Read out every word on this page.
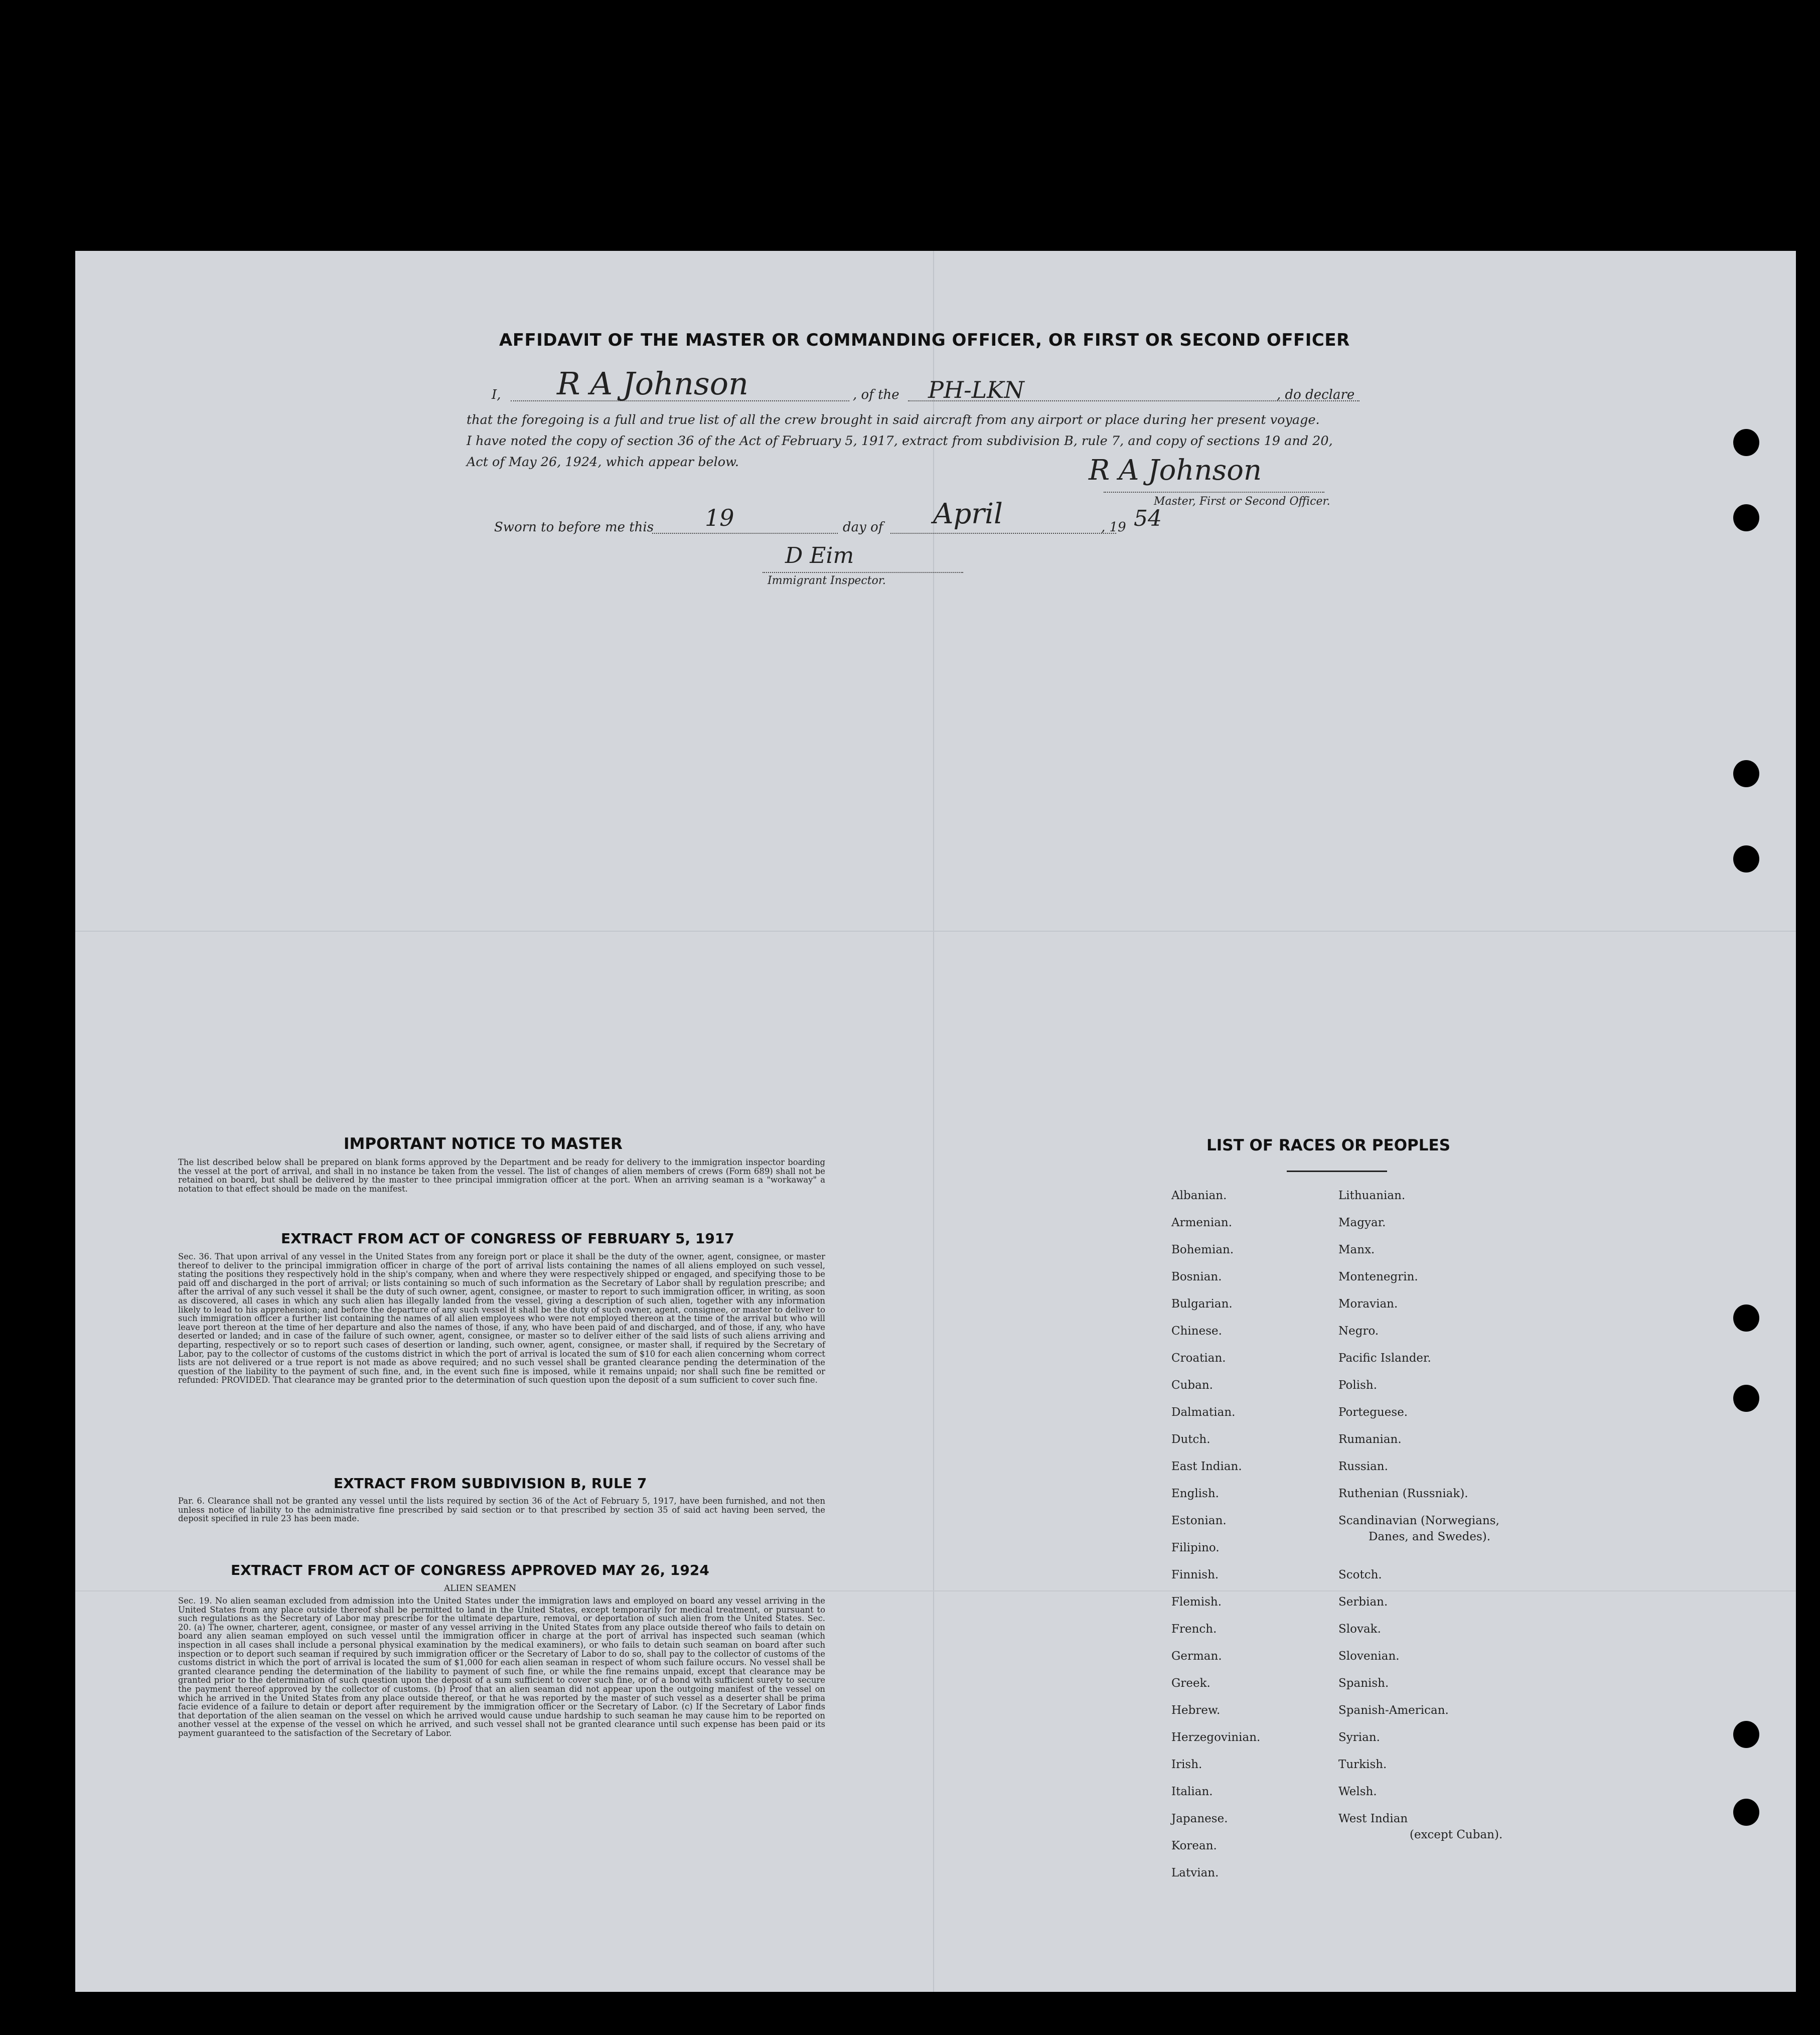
AFFIDAVIT OF THE MASTER OR COMMANDING OFFICER, OR FIRST OR SECOND OFFICER
I, R A Johnson	, of the PH-LKN	, do declare
that the foregoing is a full and true list of all the crew brought in said aircraft from any airport or place during her present voyage.
I have noted the copy of section 36 of the Act of February 5, 1917, extract from subdivision B, rule 7, and copy of sections 19 and 20,
Act of May 26, 1924, which appear below.	R A Johnson
Master, First or Second Officer.
Sworn to before me this 19	day of April	, 19 54
D Eim
Immigrant Inspector.
IMPORTANT NOTICE TO MASTER
The list described below shall be prepared on blank forms approved by the Department and be ready for delivery to the immigration inspector boarding the vessel at the port of arrival, and shall in no instance be taken from the vessel. The list of changes of alien members of crews (Form 689) shall not be retained on board, but shall be delivered by the master to thee principal immigration officer at the port. When an arriving seaman is a "workaway" a notation to that effect should be made on the manifest.
EXTRACT FROM ACT OF CONGRESS OF FEBRUARY 5, 1917
Sec. 36. That upon arrival of any vessel in the United States from any foreign port or place it shall be the duty of the owner, agent, consignee, or master thereof to deliver to the principal immigration officer in charge of the port of arrival lists containing the names of all aliens employed on such vessel, stating the positions they respectively hold in the ship's company, when and where they were respectively shipped or engaged, and specifying those to be paid off and discharged in the port of arrival; or lists containing so much of such information as the Secretary of Labor shall by regulation prescribe; and after the arrival of any such vessel it shall be the duty of such owner, agent, consignee, or master to report to such immigration officer, in writing, as soon as discovered, all cases in which any such alien has illegally landed from the vessel, giving a description of such alien, together with any information likely to lead to his apprehension; and before the departure of any such vessel it shall be the duty of such owner, agent, consignee, or master to deliver to such immigration officer a further list containing the names of all alien employees who were not employed thereon at the time of the arrival but who will leave port thereon at the time of her departure and also the names of those, if any, who have been paid of and discharged, and of those, if any, who have deserted or landed; and in case of the failure of such owner, agent, consignee, or master so to deliver either of the said lists of such aliens arriving and departing, respectively or so to report such cases of desertion or landing, such owner, agent, consignee, or master shall, if required by the Secretary of Labor, pay to the collector of customs of the customs district in which the port of arrival is located the sum of $10 for each alien concerning whom correct lists are not delivered or a true report is not made as above required; and no such vessel shall be granted clearance pending the determination of the question of the liability to the payment of such fine, and, in the event such fine is imposed, while it remains unpaid; nor shall such fine be remitted or refunded: PROVIDED. That clearance may be granted prior to the determination of such question upon the deposit of a sum sufficient to cover such fine.
EXTRACT FROM SUBDIVISION B, RULE 7
Par. 6. Clearance shall not be granted any vessel until the lists required by section 36 of the Act of February 5, 1917, have been furnished, and not then unless notice of liability to the administrative fine prescribed by said section or to that prescribed by section 35 of said act having been served, the deposit specified in rule 23 has been made.
EXTRACT FROM ACT OF CONGRESS APPROVED MAY 26, 1924
ALIEN SEAMEN
Sec. 19. No alien seaman excluded from admission into the United States under the immigration laws and employed on board any vessel arriving in the United States from any place outside thereof shall be permitted to land in the United States, except temporarily for medical treatment, or pursuant to such regulations as the Secretary of Labor may prescribe for the ultimate departure, removal, or deportation of such alien from the United States. Sec. 20. (a) The owner, charterer, agent, consignee, or master of any vessel arriving in the United States from any place outside thereof who fails to detain on board any alien seaman employed on such vessel until the immigration officer in charge at the port of arrival has inspected such seaman (which inspection in all cases shall include a personal physical examination by the medical examiners), or who fails to detain such seaman on board after such inspection or to deport such seaman if required by such immigration officer or the Secretary of Labor to do so, shall pay to the collector of customs of the customs district in which the port of arrival is located the sum of $1,000 for each alien seaman in respect of whom such failure occurs. No vessel shall be granted clearance pending the determination of the liability to payment of such fine, or while the fine remains unpaid, except that clearance may be granted prior to the determination of such question upon the deposit of a sum sufficient to cover such fine, or of a bond with sufficient surety to secure the payment thereof approved by the collector of customs. (b) Proof that an alien seaman did not appear upon the outgoing manifest of the vessel on which he arrived in the United States from any place outside thereof, or that he was reported by the master of such vessel as a deserter shall be prima facie evidence of a failure to detain or deport after requirement by the immigration officer or the Secretary of Labor. (c) If the Secretary of Labor finds that deportation of the alien seaman on the vessel on which he arrived would cause undue hardship to such seaman he may cause him to be reported on another vessel at the expense of the vessel on which he arrived, and such vessel shall not be granted clearance until such expense has been paid or its payment guaranteed to the satisfaction of the Secretary of Labor.
LIST OF RACES OR PEOPLES
Albanian.
Armenian.
Bohemian.
Bosnian.
Bulgarian.
Chinese.
Croatian.
Cuban.
Dalmatian.
Dutch.
East Indian.
English.
Estonian.
Filipino.
Finnish.
Flemish.
French.
German.
Greek.
Hebrew.
Herzegovinian.
Irish.
Italian.
Japanese.
Korean.
Latvian.
Lithuanian.
Magyar.
Manx.
Montenegrin.
Moravian.
Negro.
Pacific Islander.
Polish.
Porteguese.
Rumanian.
Russian.
Ruthenian (Russniak).
Scandinavian (Norwegians,
Danes, and Swedes).
Scotch.
Serbian.
Slovak.
Slovenian.
Spanish.
Spanish-American.
Syrian.
Turkish.
Welsh.
West Indian
(except Cuban).
